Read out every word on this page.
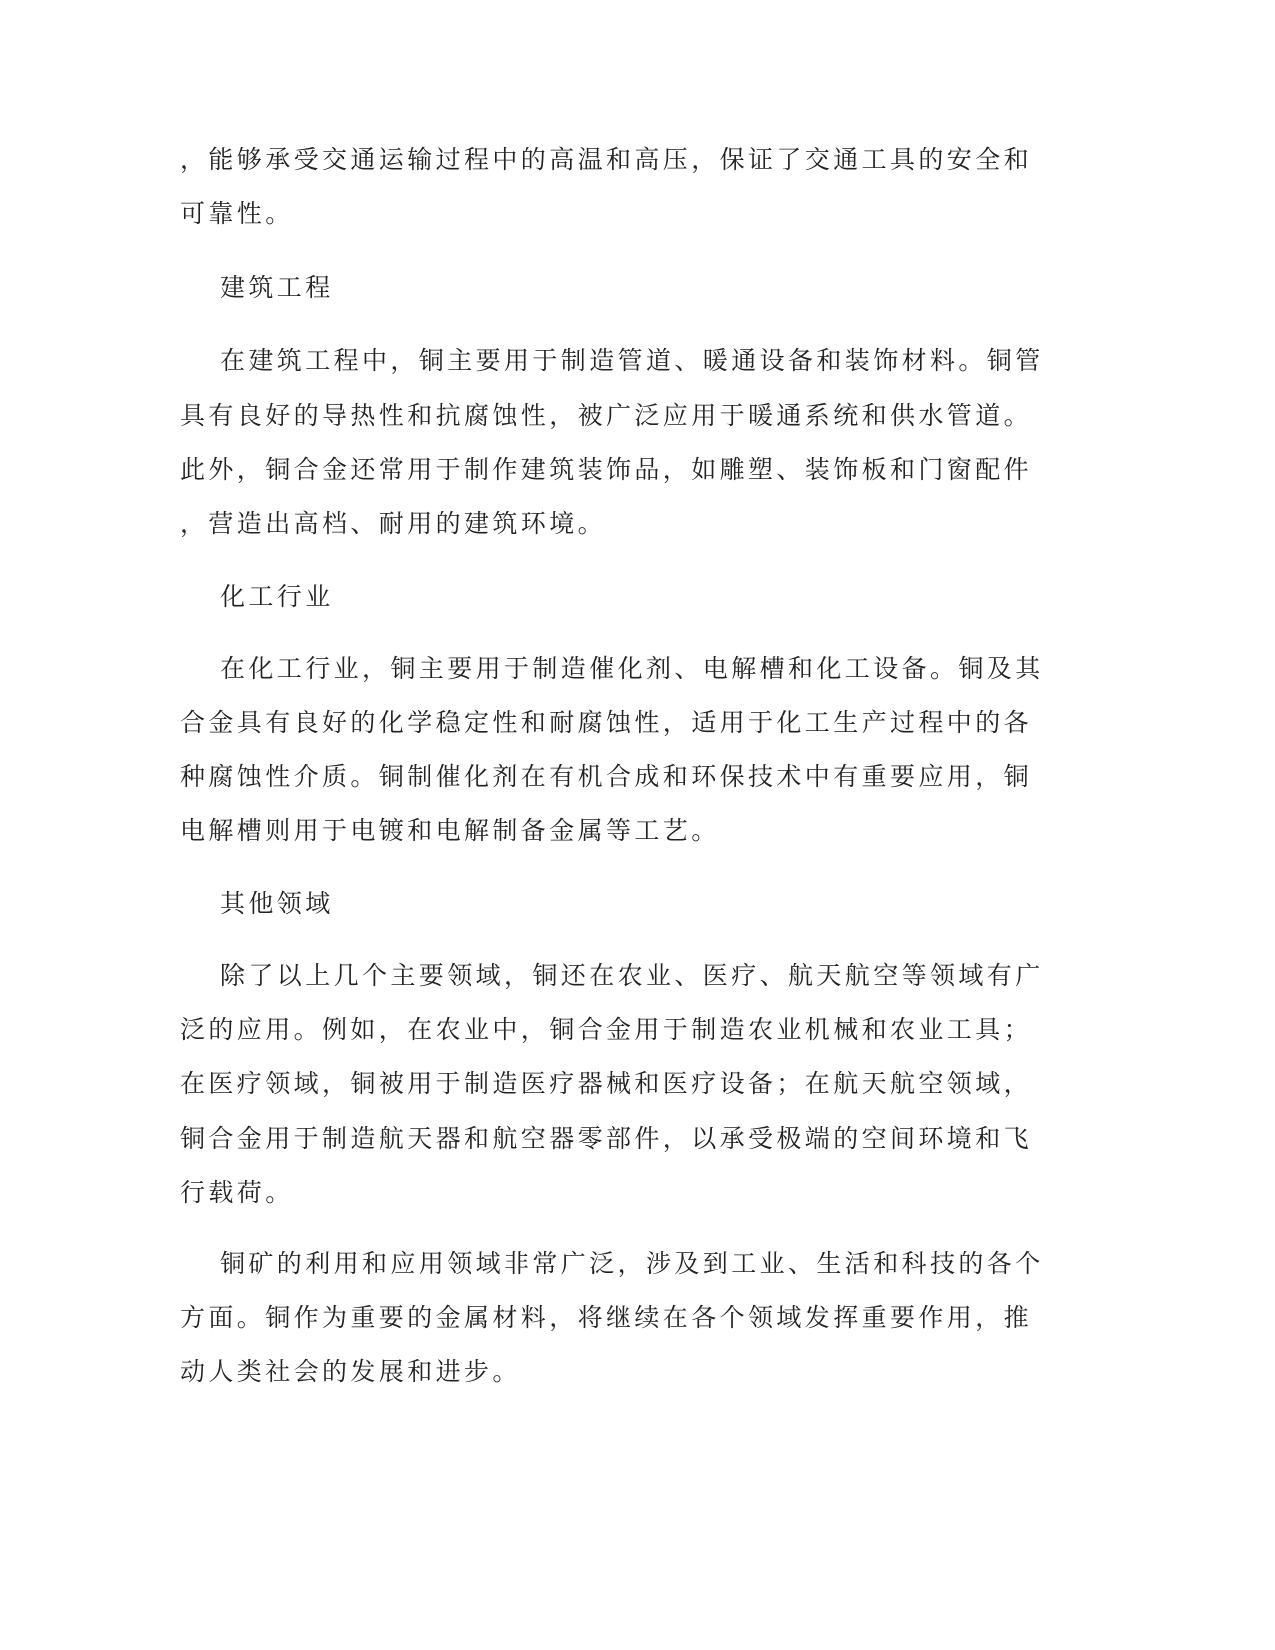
，能够承受交通运输过程中的高温和高压，保证了交通工具的安全和
可靠性。
建筑工程
在建筑工程中，铜主要用于制造管道、暖通设备和装饰材料。铜管
具有良好的导热性和抗腐蚀性，被广泛应用于暖通系统和供水管道。
此外，铜合金还常用于制作建筑装饰品，如雕塑、装饰板和门窗配件
，营造出高档、耐用的建筑环境。
化工行业
在化工行业，铜主要用于制造催化剂、电解槽和化工设备。铜及其
合金具有良好的化学稳定性和耐腐蚀性，适用于化工生产过程中的各
种腐蚀性介质。铜制催化剂在有机合成和环保技术中有重要应用，铜
电解槽则用于电镀和电解制备金属等工艺。
其他领域
除了以上几个主要领域，铜还在农业、医疗、航天航空等领域有广
泛的应用。例如，在农业中，铜合金用于制造农业机械和农业工具；
在医疗领域，铜被用于制造医疗器械和医疗设备；在航天航空领域，
铜合金用于制造航天器和航空器零部件，以承受极端的空间环境和飞
行载荷。
铜矿的利用和应用领域非常广泛，涉及到工业、生活和科技的各个
方面。铜作为重要的金属材料，将继续在各个领域发挥重要作用，推
动人类社会的发展和进步。
